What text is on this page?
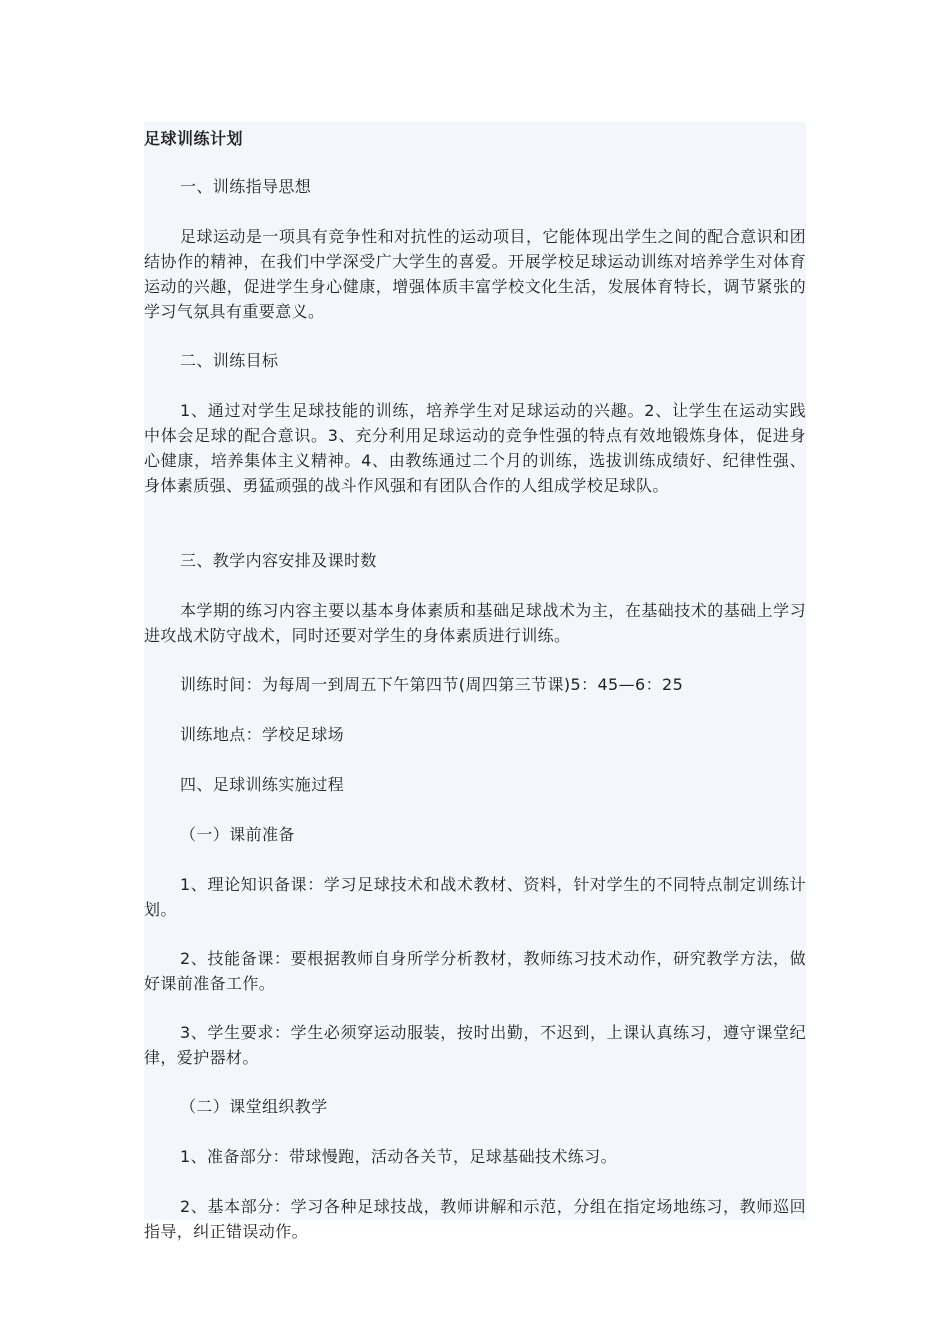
足球训练计划

一、训练指导思想

足球运动是一项具有竞争性和对抗性的运动项目，它能体现出学生之间的配合意识和团结协作的精神，在我们中学深受广大学生的喜爱。开展学校足球运动训练对培养学生对体育运动的兴趣，促进学生身心健康，增强体质丰富学校文化生活，发展体育特长，调节紧张的学习气氛具有重要意义。

二、训练目标

1、通过对学生足球技能的训练，培养学生对足球运动的兴趣。2、让学生在运动实践中体会足球的配合意识。3、充分利用足球运动的竞争性强的特点有效地锻炼身体，促进身心健康，培养集体主义精神。4、由教练通过二个月的训练，选拔训练成绩好、纪律性强、身体素质强、勇猛顽强的战斗作风强和有团队合作的人组成学校足球队。

三、教学内容安排及课时数

本学期的练习内容主要以基本身体素质和基础足球战术为主，在基础技术的基础上学习进攻战术防守战术，同时还要对学生的身体素质进行训练。

训练时间：为每周一到周五下午第四节(周四第三节课)5：45—6：25

训练地点：学校足球场

四、足球训练实施过程

（一）课前准备

1、理论知识备课：学习足球技术和战术教材、资料，针对学生的不同特点制定训练计划。

2、技能备课：要根据教师自身所学分析教材，教师练习技术动作，研究教学方法，做好课前准备工作。

3、学生要求：学生必须穿运动服装，按时出勤，不迟到，上课认真练习，遵守课堂纪律，爱护器材。

（二）课堂组织教学

1、准备部分：带球慢跑，活动各关节，足球基础技术练习。

2、基本部分：学习各种足球技战，教师讲解和示范，分组在指定场地练习，教师巡回指导，纠正错误动作。
